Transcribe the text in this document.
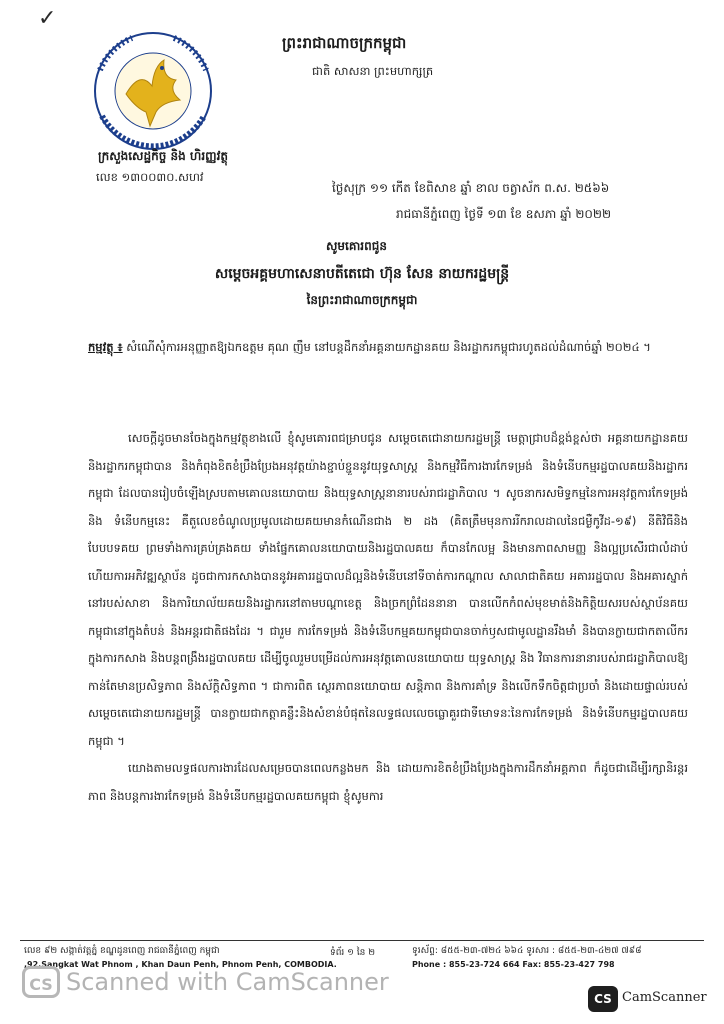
✓
ក្រសួងសេដ្ឋកិច្ច និង ហិរញ្ញវត្ថុ
លេខ ១៣០០៣០.សហវ
ព្រះរាជាណាចក្រកម្ពុជា
ជាតិ សាសនា ព្រះមហាក្សត្រ
ថ្ងៃសុក្រ ១១ កើត ខែពិសាខ ឆ្នាំ ខាល ចត្វាស័ក ព.ស. ២៥៦៦
រាជធានីភ្នំពេញ ថ្ងៃទី ១៣ ខែ ឧសភា ឆ្នាំ ២០២២
សូមគោរពជូន
សម្តេចអគ្គមហាសេនាបតីតេជោ ហ៊ុន សែន នាយករដ្ឋមន្ត្រី
នៃព្រះរាជាណាចក្រកម្ពុជា
កម្មវត្ថុ ៖ សំណើសុំការអនុញ្ញាតឱ្យឯកឧត្តម គុណ ញឹម នៅបន្តដឹកនាំអគ្គនាយកដ្ឋានគយ និងរដ្ឋាករកម្ពុជារហូតដល់ដំណាច់ឆ្នាំ ២០២៤ ។

សេចក្តីដូចមានចែងក្នុងកម្មវត្ថុខាងលើ ខ្ញុំសូមគោរពជម្រាបជូន សម្តេចតេជោនាយករដ្ឋមន្ត្រី មេត្តាជ្រាបដ៏ខ្ពង់ខ្ពស់ថា អគ្គនាយកដ្ឋានគយ និងរដ្ឋាករកម្ពុជាបាន និងកំពុងខិតខំប្រឹងប្រែងអនុវត្តយ៉ាងខ្ជាប់ខ្ជួននូវយុទ្ធសាស្ត្រ និងកម្មវិធីការងារកែទម្រង់ និងទំនើបកម្មរដ្ឋបាលគយនិងរដ្ឋាករកម្ពុជា ដែលបានរៀបចំឡើងស្របតាមគោលនយោបាយ និងយុទ្ធសាស្ត្រនានារបស់រាជរដ្ឋាភិបាល ។ សូចនាករសមិទ្ធកម្មនៃការអនុវត្តការកែទម្រង់ និង ទំនើបកម្មនេះ គឺតួលេខចំណូលប្រមូលដោយគយមានកំណើនជាង ២ ដង (គិតត្រឹមមុនការរីករាលដាលនៃជម្ងឺកូវីដ-១៩) នីតិវិធីនិងបែបបទគយ ព្រមទាំងការគ្រប់គ្រងគយ ទាំងផ្នែកគោលនយោបាយនិងរដ្ឋបាលគយ ក៏បានកែលម្អ និងមានភាពសាមញ្ញ និងល្អប្រសើរជាលំដាប់ ហើយការអភិវឌ្ឍស្ថាប័ន ដូចជាការកសាងបាននូវអគាររដ្ឋបាលដ៏ល្អនិងទំនើបនៅទីចាត់ការកណ្តាល សាលាជាតិគយ អគាររដ្ឋបាល និងអគារស្នាក់នៅរបស់សាខា និងការិយាល័យគយនិងរដ្ឋាករនៅតាមបណ្តាខេត្ត និងច្រកព្រំដែននានា បានលើកកំពស់មុខមាត់និងកិត្តិយសរបស់ស្ថាប័នគយកម្ពុជានៅក្នុងតំបន់ និងអន្តរជាតិផងដែរ ។ ជារួម ការកែទម្រង់ និងទំនើបកម្មគយកម្ពុជាបានចាក់ឫសជាមូលដ្ឋានរឹងមាំ និងបានក្លាយជាកតាលីករក្នុងការកសាង និងបន្តពង្រឹងរដ្ឋបាលគយ ដើម្បីចូលរួមបម្រើដល់ការអនុវត្តគោលនយោបាយ យុទ្ធសាស្ត្រ និង វិធានការនានារបស់រាជរដ្ឋាភិបាលឱ្យកាន់តែមានប្រសិទ្ធភាព និងស័ក្តិសិទ្ធភាព ។ ជាការពិត ស្ថេរភាពនយោបាយ សន្តិភាព និងការគាំទ្រ និងលើកទឹកចិត្តជាប្រចាំ និងដោយផ្ទាល់របស់ សម្តេចតេជោនាយករដ្ឋមន្ត្រី បានក្លាយជាកត្តាគន្លឹះនិងសំខាន់បំផុតនៃលទ្ធផលលេចធ្លោគួរជាទីមោទនៈនៃការកែទម្រង់ និងទំនើបកម្មរដ្ឋបាលគយកម្ពុជា ។

យោងតាមលទ្ធផលការងារដែលសម្រេចបានពេលកន្លងមក និង ដោយការខិតខំប្រឹងប្រែងក្នុងការដឹកនាំអគ្គភាព ក៏ដូចជាដើម្បីរក្សានិរន្តរភាព និងបន្តការងារកែទម្រង់ និងទំនើបកម្មរដ្ឋបាលគយកម្ពុជា ខ្ញុំសូមការ

លេខ ៩២ សង្កាត់វត្តភ្នំ ខណ្ឌដូនពេញ រាជធានីភ្នំពេញ កម្ពុជា
,92,Sangkat Wat Phnom , Khan Daun Penh, Phnom Penh, COMBODIA.
ទំព័រ ១ នៃ ២	ទូរស័ព្ទ: ៨៥៥-២៣-៧២៤ ៦៦៤ ទូរសារ : ៨៥៥-២៣-៤២៧ ៧៩៨
Phone : 855-23-724 664 Fax: 855-23-427 798
CS Scanned with CamScanner
CS CamScanner
